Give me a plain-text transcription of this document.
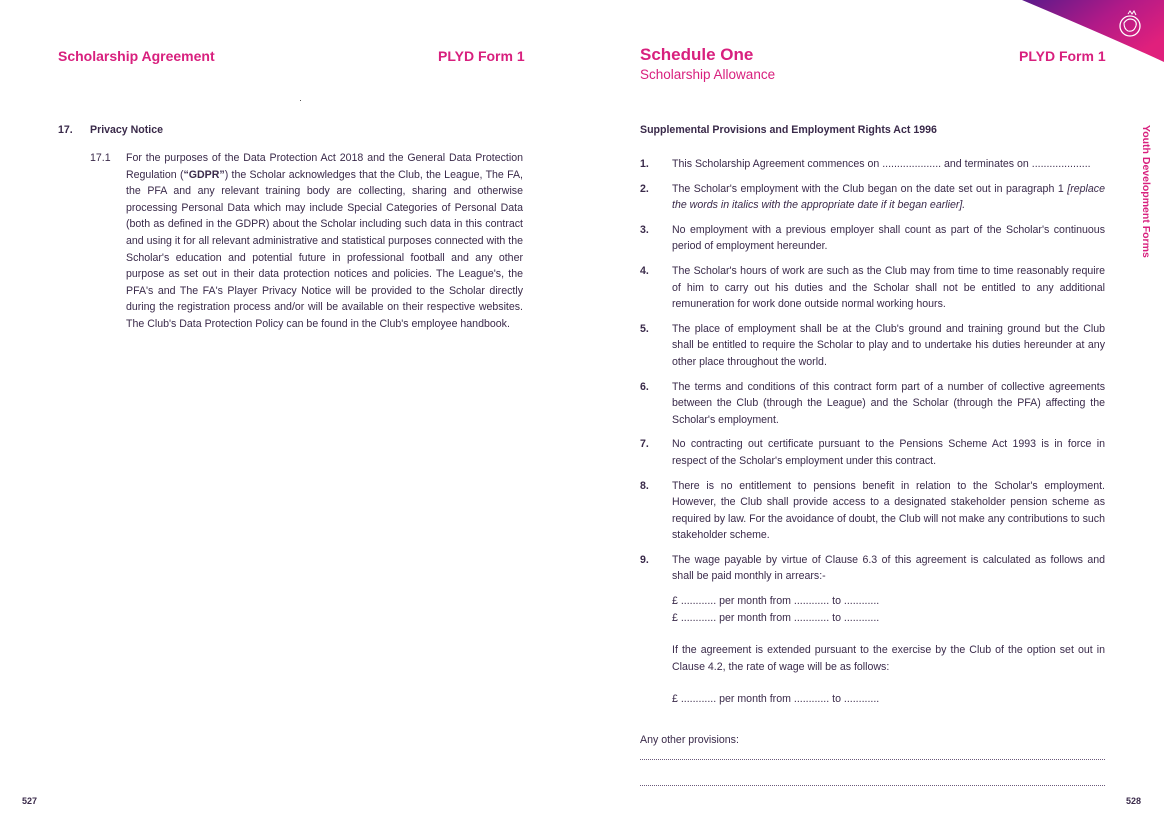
Scholarship Agreement	PLYD Form 1
17. Privacy Notice
17.1	For the purposes of the Data Protection Act 2018 and the General Data Protection Regulation (“GDPR”) the Scholar acknowledges that the Club, the League, The FA, the PFA and any relevant training body are collecting, sharing and otherwise processing Personal Data which may include Special Categories of Personal Data (both as defined in the GDPR) about the Scholar including such data in this contract and using it for all relevant administrative and statistical purposes connected with the Scholar's education and potential future in professional football and any other purpose as set out in their data protection notices and policies. The League's, the PFA's and The FA's Player Privacy Notice will be provided to the Scholar directly during the registration process and/or will be available on their respective websites. The Club's Data Protection Policy can be found in the Club's employee handbook.
527
Schedule One
Scholarship Allowance
PLYD Form 1
Youth Development Forms
Supplemental Provisions and Employment Rights Act 1996
1.	This Scholarship Agreement commences on .................... and terminates on ....................
2.	The Scholar's employment with the Club began on the date set out in paragraph 1 [replace the words in italics with the appropriate date if it began earlier].
3.	No employment with a previous employer shall count as part of the Scholar's continuous period of employment hereunder.
4.	The Scholar's hours of work are such as the Club may from time to time reasonably require of him to carry out his duties and the Scholar shall not be entitled to any additional remuneration for work done outside normal working hours.
5.	The place of employment shall be at the Club's ground and training ground but the Club shall be entitled to require the Scholar to play and to undertake his duties hereunder at any other place throughout the world.
6.	The terms and conditions of this contract form part of a number of collective agreements between the Club (through the League) and the Scholar (through the PFA) affecting the Scholar's employment.
7.	No contracting out certificate pursuant to the Pensions Scheme Act 1993 is in force in respect of the Scholar's employment under this contract.
8.	There is no entitlement to pensions benefit in relation to the Scholar's employment. However, the Club shall provide access to a designated stakeholder pension scheme as required by law. For the avoidance of doubt, the Club will not make any contributions to such stakeholder scheme.
9.	The wage payable by virtue of Clause 6.3 of this agreement is calculated as follows and shall be paid monthly in arrears:-
£ ............ per month from ............ to ............
£ ............ per month from ............ to ............
If the agreement is extended pursuant to the exercise by the Club of the option set out in Clause 4.2, the rate of wage will be as follows:
£ ............ per month from ............ to ............
Any other provisions:
528
